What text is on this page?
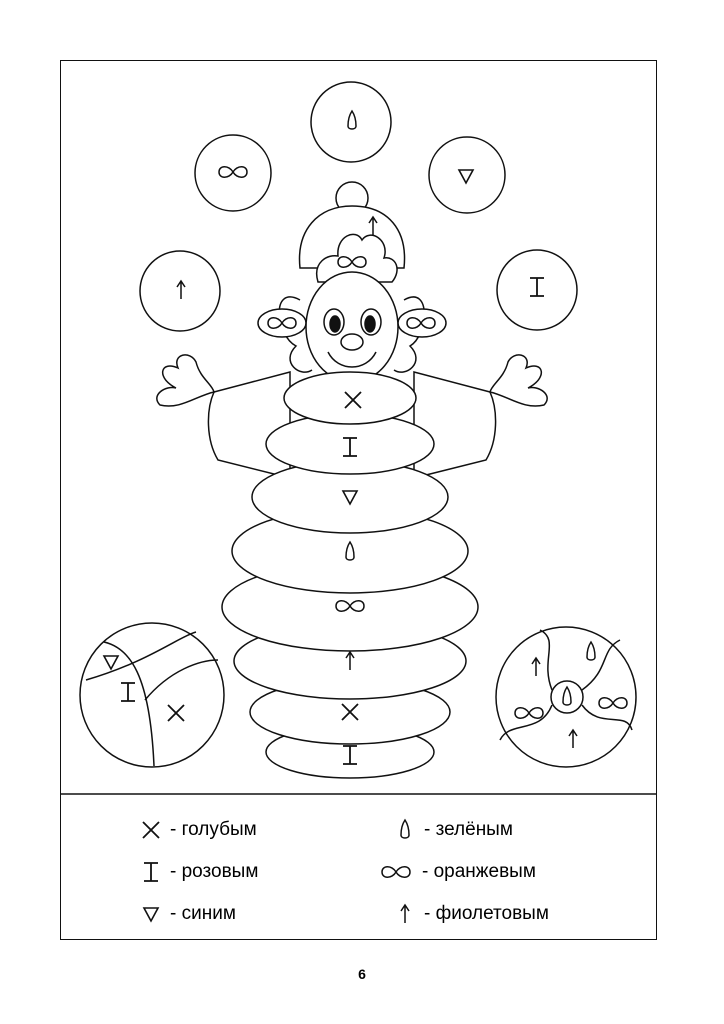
- голубым
- розовым
- синим
- зелёным
- оранжевым
- фиолетовым
6
